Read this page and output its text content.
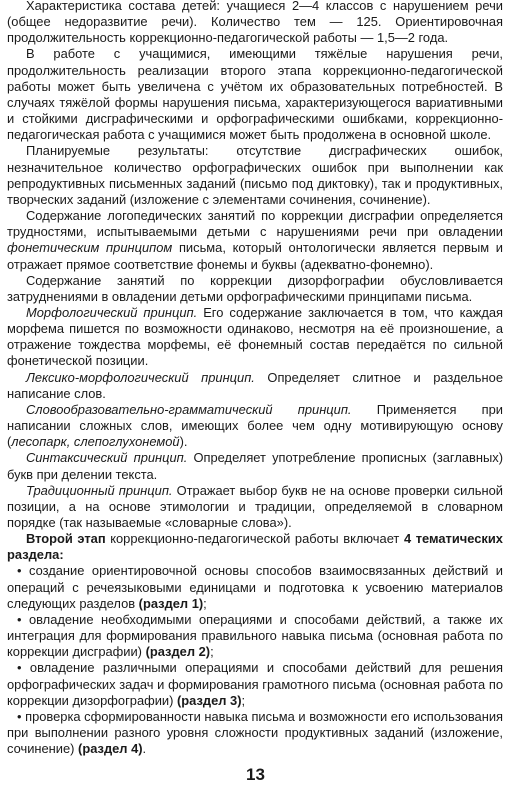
Характеристика состава детей: учащиеся 2—4 классов с нарушением речи (общее недоразвитие речи). Количество тем — 125. Ориентировочная продолжительность коррекционно-педагогической работы — 1,5—2 года.

В работе с учащимися, имеющими тяжёлые нарушения речи, продолжительность реализации второго этапа коррекционно-педагогической работы может быть увеличена с учётом их образовательных потребностей. В случаях тяжёлой формы нарушения письма, характеризующегося вариативными и стойкими дисграфическими и орфографическими ошибками, коррекционно-педагогическая работа с учащимися может быть продолжена в основной школе.

Планируемые результаты: отсутствие дисграфических ошибок, незначительное количество орфографических ошибок при выполнении как репродуктивных письменных заданий (письмо под диктовку), так и продуктивных, творческих заданий (изложение с элементами сочинения, сочинение).

Содержание логопедических занятий по коррекции дисграфии определяется трудностями, испытываемыми детьми с нарушениями речи при овладении фонетическим принципом письма, который онтологически является первым и отражает прямое соответствие фонемы и буквы (адекватно-фонемно).

Содержание занятий по коррекции дизорфографии обусловливается затруднениями в овладении детьми орфографическими принципами письма.

Морфологический принцип. Его содержание заключается в том, что каждая морфема пишется по возможности одинаково, несмотря на её произношение, а отражение тождества морфемы, её фонемный состав передаётся по сильной фонетической позиции.

Лексико-морфологический принцип. Определяет слитное и раздельное написание слов.

Словообразовательно-грамматический принцип. Применяется при написании сложных слов, имеющих более чем одну мотивирующую основу (лесопарк, слепоглухонемой).

Синтаксический принцип. Определяет употребление прописных (заглавных) букв при делении текста.

Традиционный принцип. Отражает выбор букв не на основе проверки сильной позиции, а на основе этимологии и традиции, определяемой в словарном порядке (так называемые «словарные слова»).

Второй этап коррекционно-педагогической работы включает 4 тематических раздела:

• создание ориентировочной основы способов взаимосвязанных действий и операций с речеязыковыми единицами и подготовка к усвоению материалов следующих разделов (раздел 1);

• овладение необходимыми операциями и способами действий, а также их интеграция для формирования правильного навыка письма (основная работа по коррекции дисграфии) (раздел 2);

• овладение различными операциями и способами действий для решения орфографических задач и формирования грамотного письма (основная работа по коррекции дизорфографии) (раздел 3);

• проверка сформированности навыка письма и возможности его использования при выполнении разного уровня сложности продуктивных заданий (изложение, сочинение) (раздел 4).

13
